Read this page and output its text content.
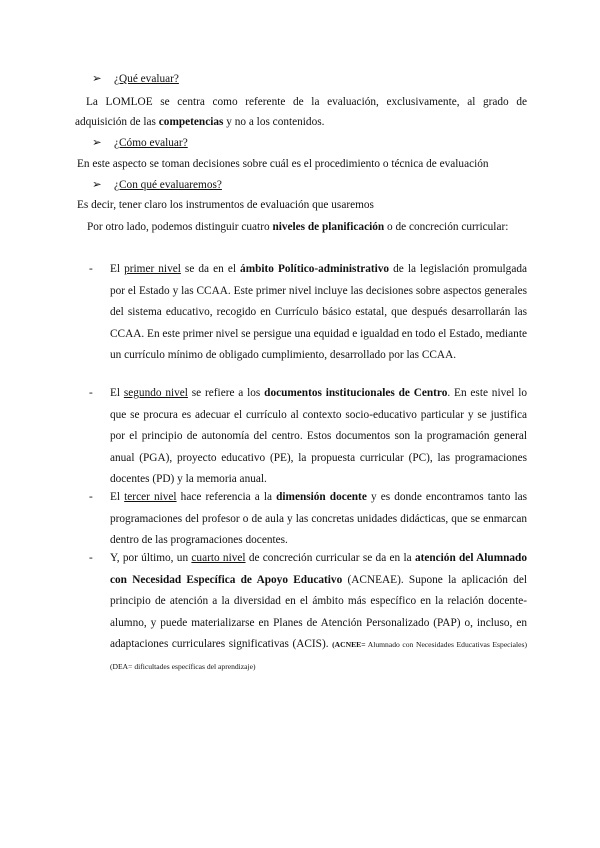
➢ ¿Qué evaluar?
La LOMLOE se centra como referente de la evaluación, exclusivamente, al grado de
adquisición de las competencias y no a los contenidos.
➢ ¿Cómo evaluar?
En este aspecto se toman decisiones sobre cuál es el procedimiento o técnica de evaluación
➢ ¿Con qué evaluaremos?
Es decir, tener claro los instrumentos de evaluación que usaremos
Por otro lado, podemos distinguir cuatro niveles de planificación o de concreción curricular:
- El primer nivel se da en el ámbito Político-administrativo de la legislación promulgada por el Estado y las CCAA. Este primer nivel incluye las decisiones sobre aspectos generales del sistema educativo, recogido en Currículo básico estatal, que después desarrollarán las CCAA. En este primer nivel se persigue una equidad e igualdad en todo el Estado, mediante un currículo mínimo de obligado cumplimiento, desarrollado por las CCAA.
- El segundo nivel se refiere a los documentos institucionales de Centro. En este nivel lo que se procura es adecuar el currículo al contexto socio-educativo particular y se justifica por el principio de autonomía del centro. Estos documentos son la programación general anual (PGA), proyecto educativo (PE), la propuesta curricular (PC), las programaciones docentes (PD) y la memoria anual.
- El tercer nivel hace referencia a la dimensión docente y es donde encontramos tanto las programaciones del profesor o de aula y las concretas unidades didácticas, que se enmarcan dentro de las programaciones docentes.
- Y, por último, un cuarto nivel de concreción curricular se da en la atención del Alumnado con Necesidad Específica de Apoyo Educativo (ACNEAE). Supone la aplicación del principio de atención a la diversidad en el ámbito más específico en la relación docente-alumno, y puede materializarse en Planes de Atención Personalizado (PAP) o, incluso, en adaptaciones curriculares significativas (ACIS). (ACNEE= Alumnado con Necesidades Educativas Especiales) (DEA= dificultades específicas del aprendizaje)
